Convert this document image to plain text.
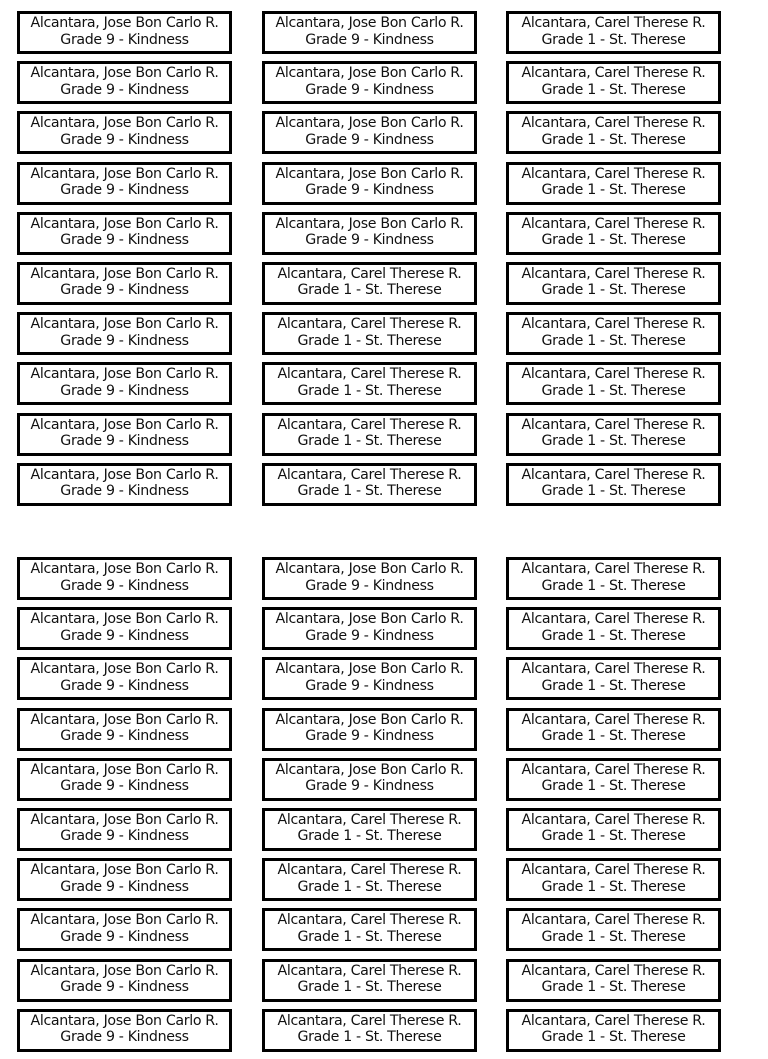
Alcantara, Jose Bon Carlo R.
Grade 9 - Kindness
Alcantara, Jose Bon Carlo R.
Grade 9 - Kindness
Alcantara, Carel Therese R.
Grade 1 - St. Therese
Alcantara, Jose Bon Carlo R.
Grade 9 - Kindness
Alcantara, Jose Bon Carlo R.
Grade 9 - Kindness
Alcantara, Carel Therese R.
Grade 1 - St. Therese
Alcantara, Jose Bon Carlo R.
Grade 9 - Kindness
Alcantara, Jose Bon Carlo R.
Grade 9 - Kindness
Alcantara, Carel Therese R.
Grade 1 - St. Therese
Alcantara, Jose Bon Carlo R.
Grade 9 - Kindness
Alcantara, Jose Bon Carlo R.
Grade 9 - Kindness
Alcantara, Carel Therese R.
Grade 1 - St. Therese
Alcantara, Jose Bon Carlo R.
Grade 9 - Kindness
Alcantara, Jose Bon Carlo R.
Grade 9 - Kindness
Alcantara, Carel Therese R.
Grade 1 - St. Therese
Alcantara, Jose Bon Carlo R.
Grade 9 - Kindness
Alcantara, Carel Therese R.
Grade 1 - St. Therese
Alcantara, Carel Therese R.
Grade 1 - St. Therese
Alcantara, Jose Bon Carlo R.
Grade 9 - Kindness
Alcantara, Carel Therese R.
Grade 1 - St. Therese
Alcantara, Carel Therese R.
Grade 1 - St. Therese
Alcantara, Jose Bon Carlo R.
Grade 9 - Kindness
Alcantara, Carel Therese R.
Grade 1 - St. Therese
Alcantara, Carel Therese R.
Grade 1 - St. Therese
Alcantara, Jose Bon Carlo R.
Grade 9 - Kindness
Alcantara, Carel Therese R.
Grade 1 - St. Therese
Alcantara, Carel Therese R.
Grade 1 - St. Therese
Alcantara, Jose Bon Carlo R.
Grade 9 - Kindness
Alcantara, Carel Therese R.
Grade 1 - St. Therese
Alcantara, Carel Therese R.
Grade 1 - St. Therese
Alcantara, Jose Bon Carlo R.
Grade 9 - Kindness
Alcantara, Jose Bon Carlo R.
Grade 9 - Kindness
Alcantara, Carel Therese R.
Grade 1 - St. Therese
Alcantara, Jose Bon Carlo R.
Grade 9 - Kindness
Alcantara, Jose Bon Carlo R.
Grade 9 - Kindness
Alcantara, Carel Therese R.
Grade 1 - St. Therese
Alcantara, Jose Bon Carlo R.
Grade 9 - Kindness
Alcantara, Jose Bon Carlo R.
Grade 9 - Kindness
Alcantara, Carel Therese R.
Grade 1 - St. Therese
Alcantara, Jose Bon Carlo R.
Grade 9 - Kindness
Alcantara, Jose Bon Carlo R.
Grade 9 - Kindness
Alcantara, Carel Therese R.
Grade 1 - St. Therese
Alcantara, Jose Bon Carlo R.
Grade 9 - Kindness
Alcantara, Jose Bon Carlo R.
Grade 9 - Kindness
Alcantara, Carel Therese R.
Grade 1 - St. Therese
Alcantara, Jose Bon Carlo R.
Grade 9 - Kindness
Alcantara, Carel Therese R.
Grade 1 - St. Therese
Alcantara, Carel Therese R.
Grade 1 - St. Therese
Alcantara, Jose Bon Carlo R.
Grade 9 - Kindness
Alcantara, Carel Therese R.
Grade 1 - St. Therese
Alcantara, Carel Therese R.
Grade 1 - St. Therese
Alcantara, Jose Bon Carlo R.
Grade 9 - Kindness
Alcantara, Carel Therese R.
Grade 1 - St. Therese
Alcantara, Carel Therese R.
Grade 1 - St. Therese
Alcantara, Jose Bon Carlo R.
Grade 9 - Kindness
Alcantara, Carel Therese R.
Grade 1 - St. Therese
Alcantara, Carel Therese R.
Grade 1 - St. Therese
Alcantara, Jose Bon Carlo R.
Grade 9 - Kindness
Alcantara, Carel Therese R.
Grade 1 - St. Therese
Alcantara, Carel Therese R.
Grade 1 - St. Therese
